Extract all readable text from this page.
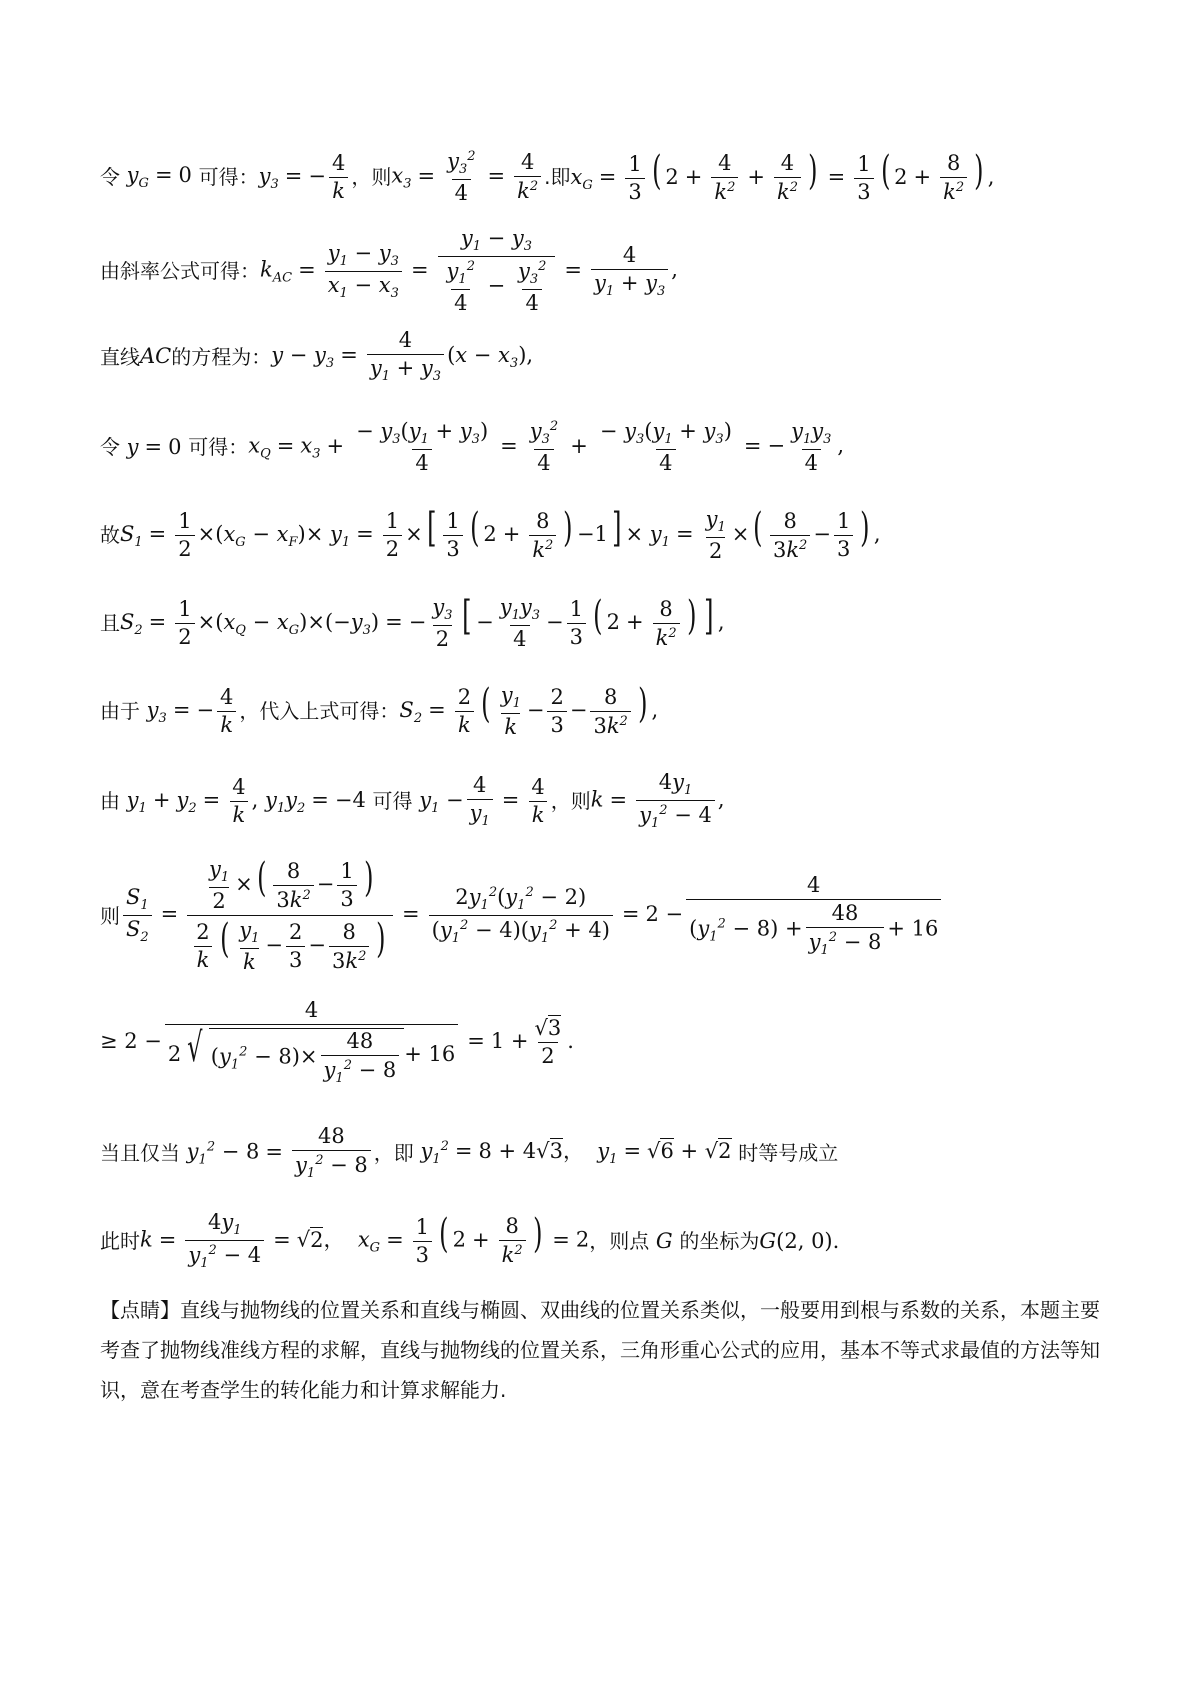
令 $y_G = 0$ 可得： $y_3$ = − $\frac{4}{k}$ ，则 $x_3 = \frac{y_3^2}{4} = \frac{4}{k^2}$ .即 $x_G = \frac{1}{3}$ ( $2 + \frac{4}{k^2} + \frac{4}{k^2}$ ) = $\frac{1}{3}$ ( $2 + \frac{8}{k^2}$ ) ,
由斜率公式可得： $k_{AC} = \frac{y_1 - y_3}{x_1 - x_3} = \frac{y_1 - y_3}{\frac{y_1^2}{4} - \frac{y_3^2}{4}} = \frac{4}{y_1 + y_3}$ ,
直线 AC 的方程为： $y - y_3 = \frac{4}{y_1 + y_3} (x - x_3)$,
令 y = 0 可得： $x_Q = x_3 + \frac{- y_3(y_1 + y_3)}{4} = \frac{y_3^2}{4} + \frac{- y_3(y_1 + y_3)}{4}$ = − $\frac{y_1y_3}{4}$ ,
故 $S_1 = \frac{1}{2} \times(x_G - x_F)\times y_1 = \frac{1}{2}$ × [ $\frac{1}{3}$ ( $2 + \frac{8}{k^2}$ ) −1 ] × $y_1 = \frac{y_1}{2}$ × ( $\frac{8}{3k^2} - \frac{1}{3}$ ) ,
且 $S_2 = \frac{1}{2} \times(x_Q - x_G)\times(-y_3)$ = − $\frac{y_3}{2}$ [ − $\frac{y_1y_3}{4} - \frac{1}{3}$ ( $2 + \frac{8}{k^2}$ ) ] ,
由于 $y_3$ = − $\frac{4}{k}$ ，代入上式可得： $S_2 = \frac{2}{k}$ ( $\frac{y_1}{k} - \frac{2}{3} - \frac{8}{3k^2}$ ) ,
由 $y_1 + y_2 = \frac{4}{k}$ , $y_1y_2 = -4$ 可得 $y_1 - \frac{4}{y_1} = \frac{4}{k}$ ，则 $k = \frac{4y_1}{y_1^2 - 4}$ ,
则 $\frac{S_1}{S_2} = \frac{\frac{y_1}{2} \times ( \frac{8}{3k^2} - \frac{1}{3} )}{\frac{2}{k} ( \frac{y_1}{k} - \frac{2}{3} - \frac{8}{3k^2} )} = \frac{2y_1^2(y_1^2 - 2)}{(y_1^2 - 4)(y_1^2 + 4)} = 2 - \frac{4}{(y_1^2 - 8) + \frac{48}{y_1^2 - 8} + 16}$
≥ $2 - \frac{4}{2 √ (y_1^2 - 8)\times \frac{48}{y_1^2 - 8} + 16} = 1 + \frac{√3}{2}$ .
当且仅当 $y_1^2 - 8 = \frac{48}{y_1^2 - 8}$ ，即 $y_1^2 = 8 + 4√3$，  $y_1 = √6 + √2$ 时等号成立
此时 $k = \frac{4y_1}{y_1^2 - 4} = √2$，  $x_G = \frac{1}{3}$ ( $2 + \frac{8}{k^2}$ ) = 2 ，则点 G 的坐标为 G(2, 0).
【点睛】直线与抛物线的位置关系和直线与椭圆、双曲线的位置关系类似，一般要用到根与系数的关系，本题主要考查了抛物线准线方程的求解，直线与抛物线的位置关系，三角形重心公式的应用，基本不等式求最值的方法等知识，意在考查学生的转化能力和计算求解能力.
